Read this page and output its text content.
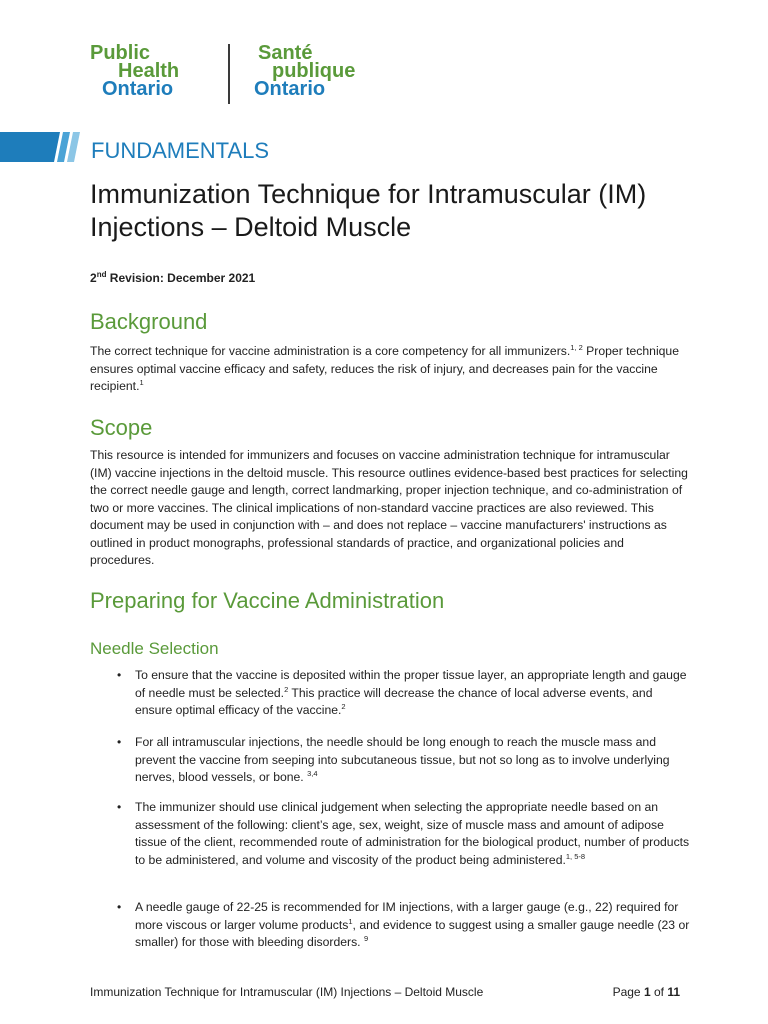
Public
Health
Ontario
Santé
publique
Ontario
FUNDAMENTALS
Immunization Technique for Intramuscular (IM) Injections – Deltoid Muscle
2nd Revision: December 2021
Background

The correct technique for vaccine administration is a core competency for all immunizers.$^{1, 2}$ Proper technique ensures optimal vaccine efficacy and safety, reduces the risk of injury, and decreases pain for the vaccine recipient.$^1$

Scope

This resource is intended for immunizers and focuses on vaccine administration technique for intramuscular (IM) vaccine injections in the deltoid muscle. This resource outlines evidence-based best practices for selecting the correct needle gauge and length, correct landmarking, proper injection technique, and co-administration of two or more vaccines. The clinical implications of non-standard vaccine practices are also reviewed. This document may be used in conjunction with – and does not replace – vaccine manufacturers' instructions as outlined in product monographs, professional standards of practice, and organizational policies and procedures.

Preparing for Vaccine Administration
Needle Selection
• To ensure that the vaccine is deposited within the proper tissue layer, an appropriate length and gauge of needle must be selected.$^2$ This practice will decrease the chance of local adverse events, and ensure optimal efficacy of the vaccine.$^2$
• For all intramuscular injections, the needle should be long enough to reach the muscle mass and prevent the vaccine from seeping into subcutaneous tissue, but not so long as to involve underlying nerves, blood vessels, or bone. $^{3,4}$
• The immunizer should use clinical judgement when selecting the appropriate needle based on an assessment of the following: client’s age, sex, weight, size of muscle mass and amount of adipose tissue of the client, recommended route of administration for the biological product, number of products to be administered, and volume and viscosity of the product being administered.$^{1, 5-8}$
• A needle gauge of 22-25 is recommended for IM injections, with a larger gauge (e.g., 22) required for more viscous or larger volume products$^1$, and evidence to suggest using a smaller gauge needle (23 or smaller) for those with bleeding disorders. $^9$
Immunization Technique for Intramuscular (IM) Injections – Deltoid Muscle	Page 1 of 11
